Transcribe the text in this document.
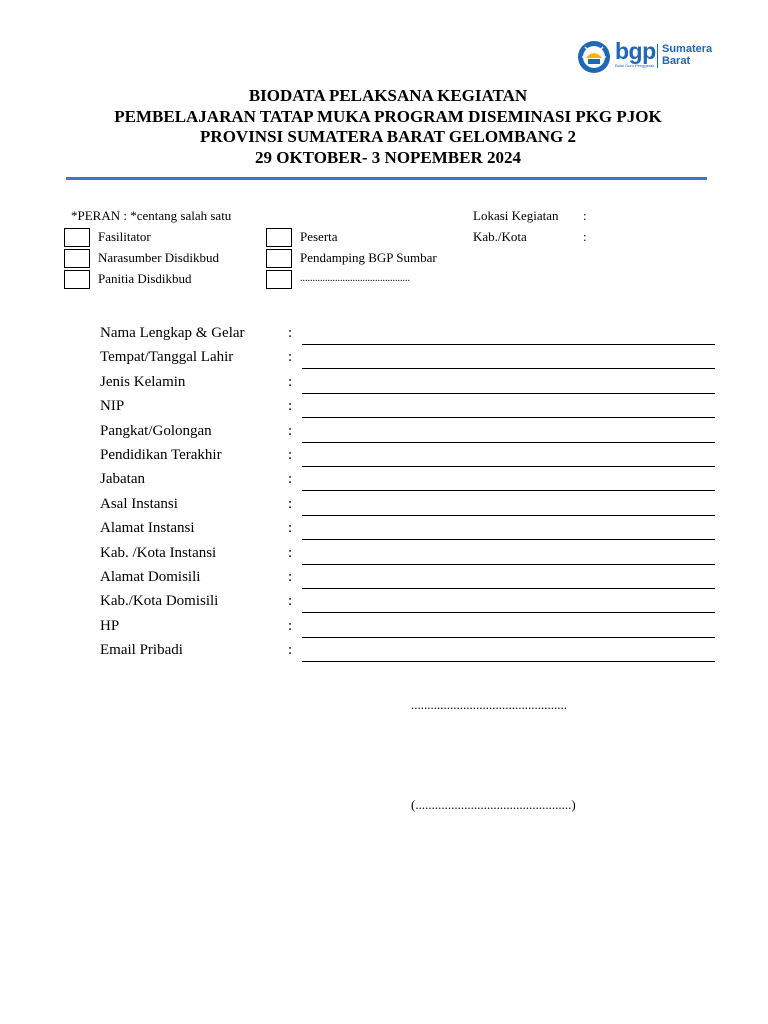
bgp
Balai Guru Penggerak
Sumatera
Barat
BIODATA PELAKSANA KEGIATAN
PEMBELAJARAN TATAP MUKA PROGRAM DISEMINASI PKG PJOK
PROVINSI SUMATERA BARAT GELOMBANG 2
29 OKTOBER- 3 NOPEMBER 2024
*PERAN : *centang salah satu
Fasilitator
Narasumber Disdikbud
Panitia Disdikbud
Peserta
Pendamping BGP Sumbar
............................................
Lokasi Kegiatan :
Kab./Kota	:
Nama Lengkap & Gelar	:
Tempat/Tanggal Lahir	:
Jenis Kelamin	:
NIP	:
Pangkat/Golongan	:
Pendidikan Terakhir	:
Jabatan	:
Asal Instansi	:
Alamat Instansi	:
Kab. /Kota Instansi	:
Alamat Domisili	:
Kab./Kota Domisili	:
HP	:
Email Pribadi	:
................................................
(................................................)
